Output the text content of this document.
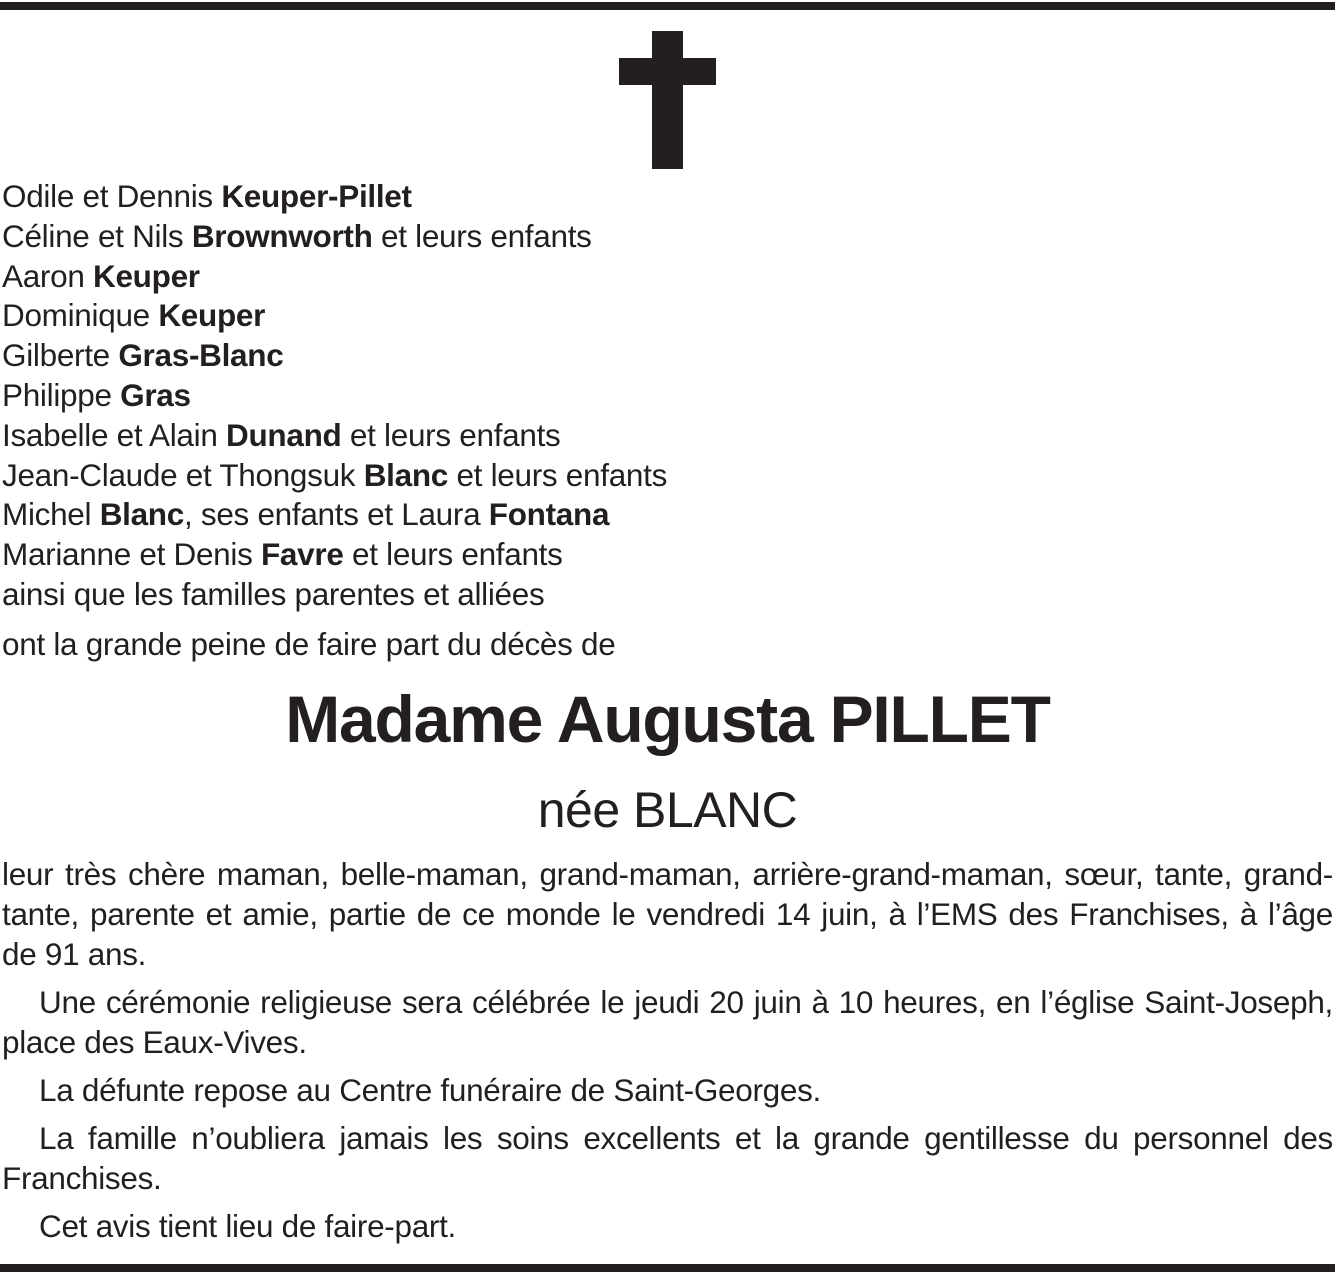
Odile et Dennis Keuper-Pillet
Céline et Nils Brownworth et leurs enfants
Aaron Keuper
Dominique Keuper
Gilberte Gras-Blanc
Philippe Gras
Isabelle et Alain Dunand et leurs enfants
Jean-Claude et Thongsuk Blanc et leurs enfants
Michel Blanc, ses enfants et Laura Fontana
Marianne et Denis Favre et leurs enfants
ainsi que les familles parentes et alliées
ont la grande peine de faire part du décès de
Madame Augusta PILLET
née BLANC

leur très chère maman, belle-maman, grand-maman, arrière-grand-maman, sœur, tante, grand-tante, parente et amie, partie de ce monde le vendredi 14 juin, à l’EMS des Franchises, à l’âge de 91 ans.

Une cérémonie religieuse sera célébrée le jeudi 20 juin à 10 heures, en l’église Saint-Joseph, place des Eaux-Vives.

La défunte repose au Centre funéraire de Saint-Georges.

La famille n’oubliera jamais les soins excellents et la grande gentillesse du personnel des Franchises.

Cet avis tient lieu de faire-part.
